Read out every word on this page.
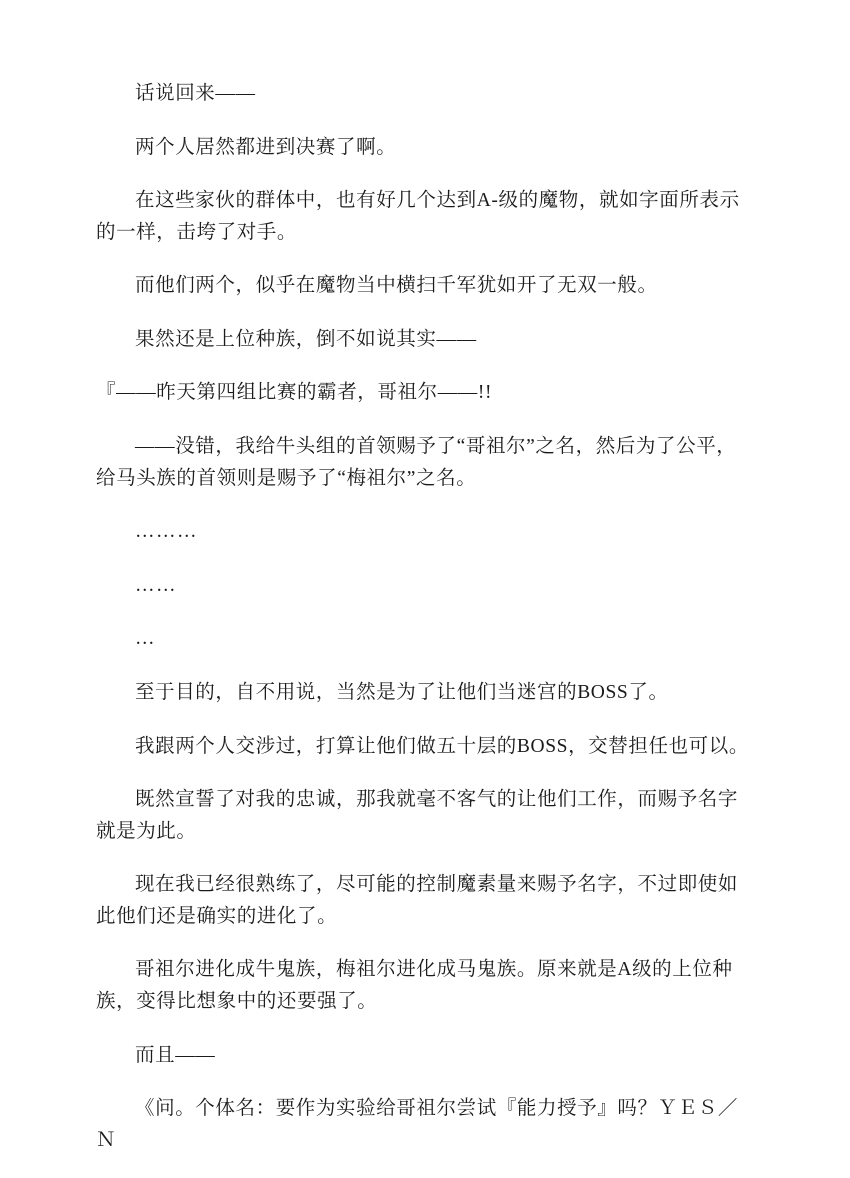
话说回来——

两个人居然都进到决赛了啊。

在这些家伙的群体中，也有好几个达到A-级的魔物，就如字面所表示的一样，击垮了对手。

而他们两个，似乎在魔物当中横扫千军犹如开了无双一般。

果然还是上位种族，倒不如说其实——

『——昨天第四组比赛的霸者，哥祖尔——!!

——没错，我给牛头组的首领赐予了“哥祖尔”之名，然后为了公平，给马头族的首领则是赐予了“梅祖尔”之名。

………

……

…

至于目的，自不用说，当然是为了让他们当迷宫的BOSS了。

我跟两个人交涉过，打算让他们做五十层的BOSS，交替担任也可以。

既然宣誓了对我的忠诚，那我就毫不客气的让他们工作，而赐予名字就是为此。

现在我已经很熟练了，尽可能的控制魔素量来赐予名字，不过即使如此他们还是确实的进化了。

哥祖尔进化成牛鬼族，梅祖尔进化成马鬼族。原来就是A级的上位种族，变得比想象中的还要强了。

而且——

《问。个体名：要作为实验给哥祖尔尝试『能力授予』吗？ＹＥＳ／Ｎ
